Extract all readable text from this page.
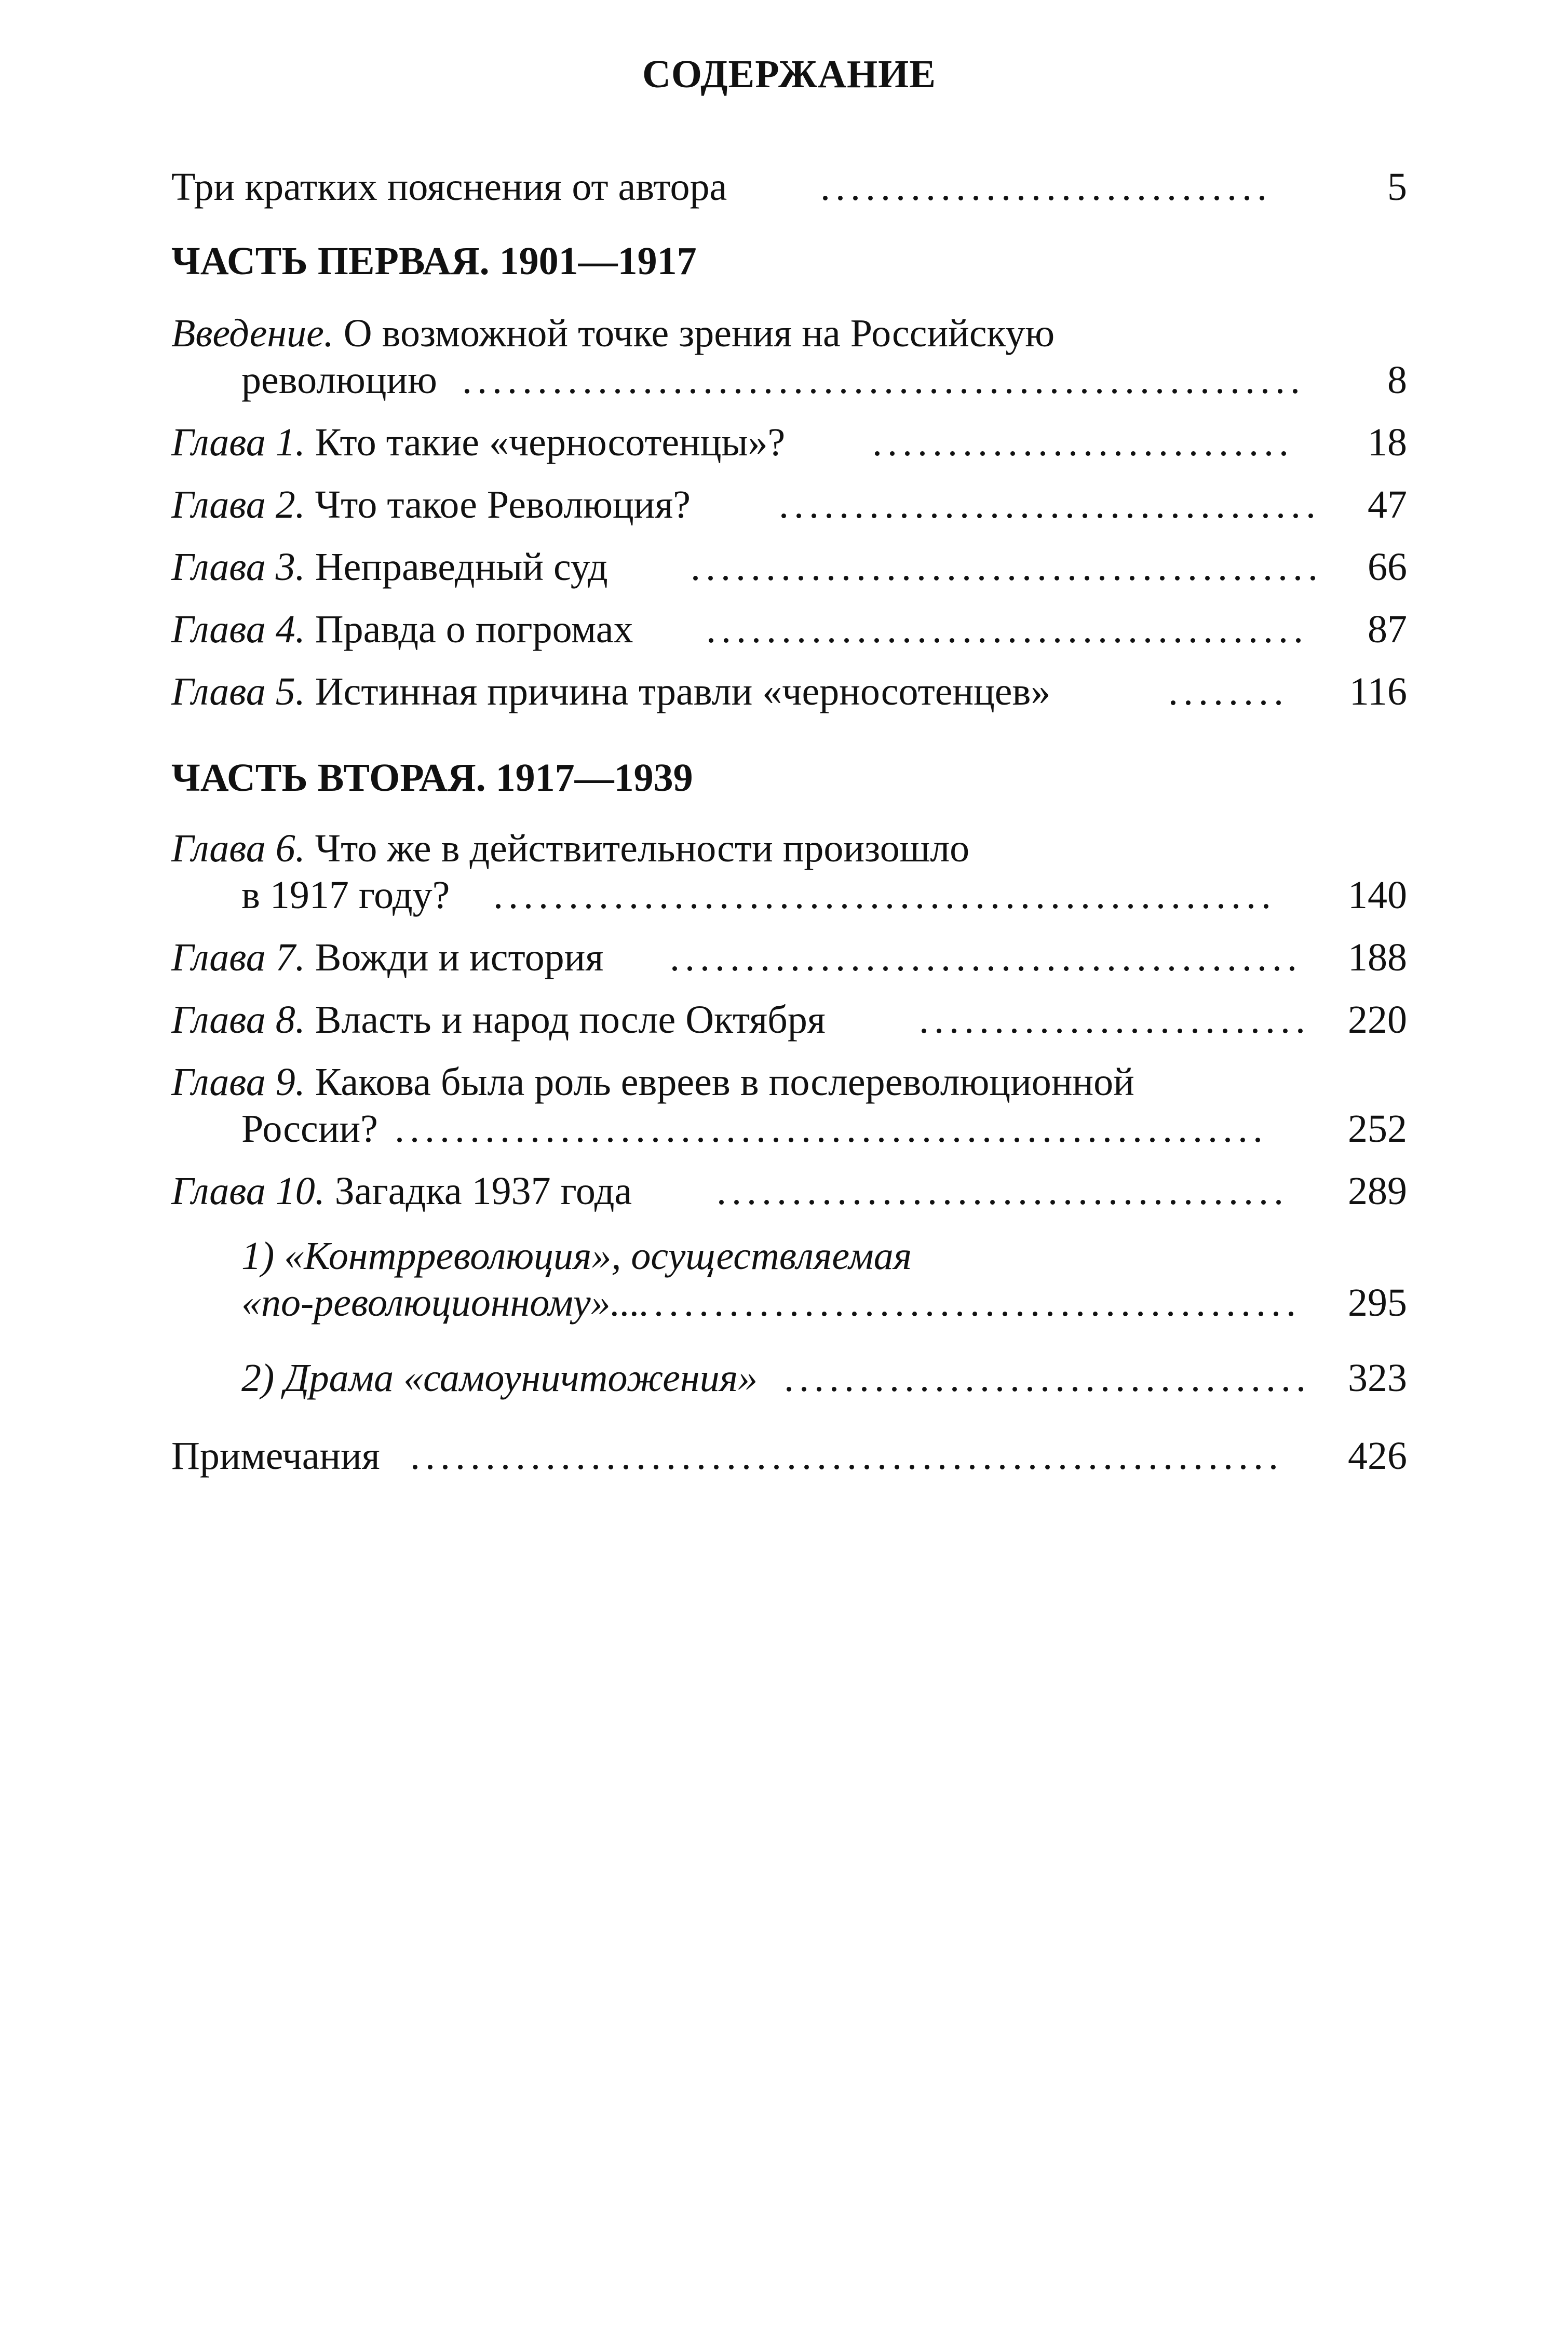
СОДЕРЖАНИЕ
Три кратких пояснения от автора ..............................	5
ЧАСТЬ ПЕРВАЯ. 1901—1917
Введение. О возможной точке зрения на Российскую
революцию ........................................................	8
Глава 1. Кто такие «черносотенцы»? ............................	18
Глава 2. Что такое Революция? ....................................	47
Глава 3. Неправедный суд ..........................................	66
Глава 4. Правда о погромах ........................................	87
Глава 5. Истинная причина травли «черносотенцев»	........	116
ЧАСТЬ ВТОРАЯ. 1917—1939
Глава 6. Что же в действительности произошло
в 1917 году? ....................................................	140
Глава 7. Вожди и история ..........................................	188
Глава 8. Власть и народ после Октября .......................... 220
Глава 9. Какова была роль евреев в послереволюционной
России? ..........................................................	252
Глава 10. Загадка 1937 года ......................................	289
1) «Контрреволюция», осуществляемая
«по-революционному»...
............................................	295
2) Драма «самоуничтожения» ................................... 323
Примечания ..........................................................	426
